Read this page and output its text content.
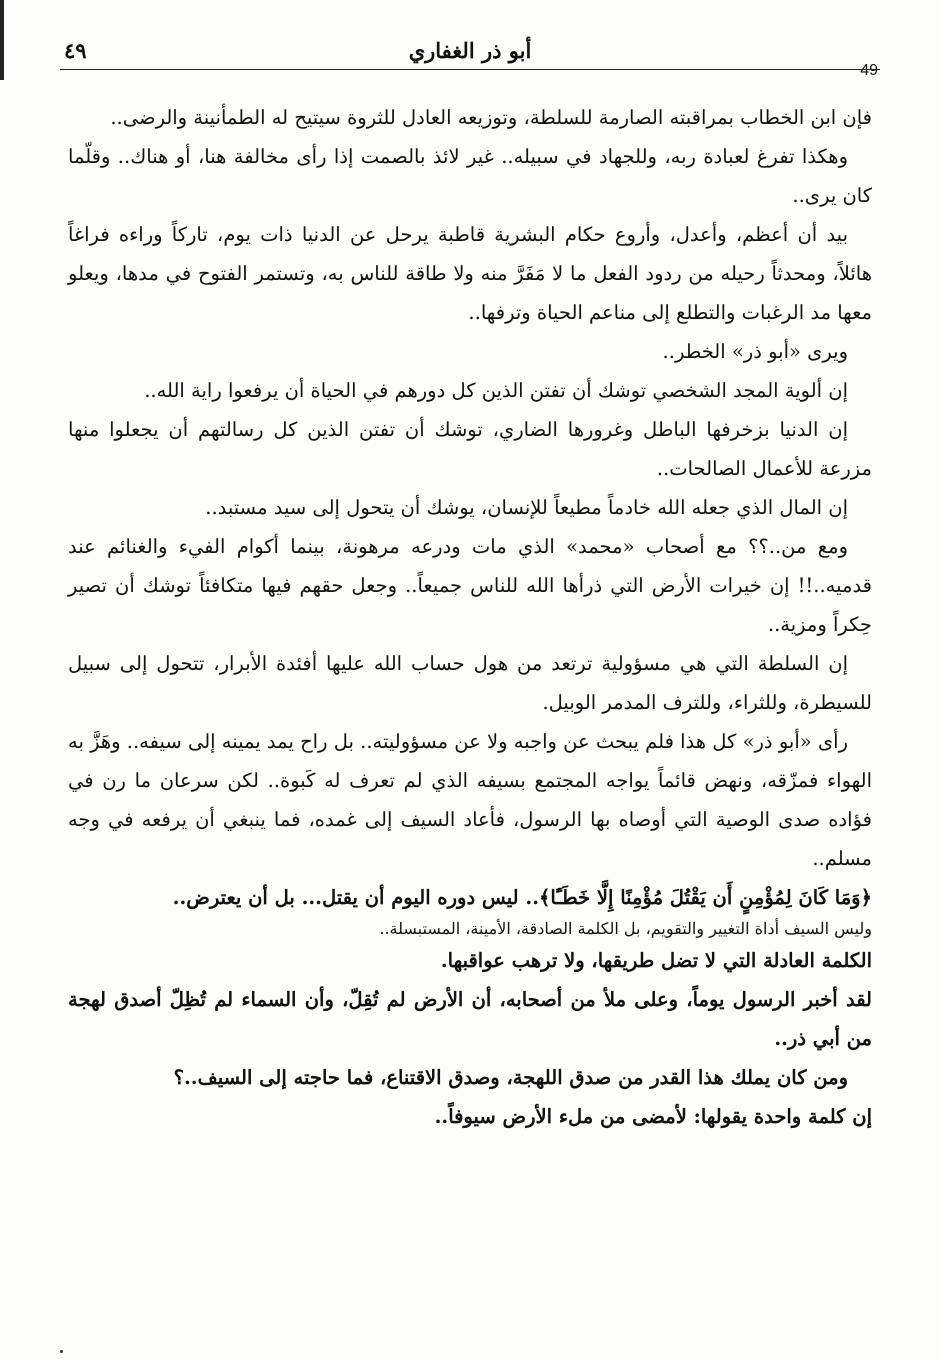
أبو ذر الغفاري
٤٩
49

فإن ابن الخطاب بمراقبته الصارمة للسلطة، وتوزيعه العادل للثروة سيتيح له الطمأنينة والرضى..

وهكذا تفرغ لعبادة ربه، وللجهاد في سبيله.. غير لائذ بالصمت إذا رأى مخالفة هنا، أو هناك.. وقلّما كان يرى..

بيد أن أعظم، وأعدل، وأروع حكام البشرية قاطبة يرحل عن الدنيا ذات يوم، تاركاً وراءه فراغاً هائلاً، ومحدثاً رحيله من ردود الفعل ما لا مَفَرَّ منه ولا طاقة للناس به، وتستمر الفتوح في مدها، ويعلو معها مد الرغبات والتطلع إلى مناعم الحياة وترفها..

ويرى «أبو ذر» الخطر..

إن ألوية المجد الشخصي توشك أن تفتن الذين كل دورهم في الحياة أن يرفعوا راية الله..

إن الدنيا بزخرفها الباطل وغرورها الضاري، توشك أن تفتن الذين كل رسالتهم أن يجعلوا منها مزرعة للأعمال الصالحات..

إن المال الذي جعله الله خادماً مطيعاً للإنسان، يوشك أن يتحول إلى سيد مستبد..

ومع من..؟؟ مع أصحاب «محمد» الذي مات ودرعه مرهونة، بينما أكوام الفيء والغنائم عند قدميه..!! إن خيرات الأرض التي ذرأها الله للناس جميعاً.. وجعل حقهم فيها متكافئاً توشك أن تصير حِكراً ومزية..

إن السلطة التي هي مسؤولية ترتعد من هول حساب الله عليها أفئدة الأبرار، تتحول إلى سبيل للسيطرة، وللثراء، وللترف المدمر الوبيل.

رأى «أبو ذر» كل هذا فلم يبحث عن واجبه ولا عن مسؤوليته.. بل راح يمد يمينه إلى سيفه.. وهَزَّ به الهواء فمزّقه، ونهض قائماً يواجه المجتمع بسيفه الذي لم تعرف له كَبوة.. لكن سرعان ما رن في فؤاده صدى الوصية التي أوصاه بها الرسول، فأعاد السيف إلى غمده، فما ينبغي أن يرفعه في وجه مسلم..

﴿وَمَا كَانَ لِمُؤْمِنٍ أَن يَقْتُلَ مُؤْمِنًا إِلَّا خَطَـًٔا﴾.. ليس دوره اليوم أن يقتل... بل أن يعترض..

وليس السيف أداة التغيير والتقويم، بل الكلمة الصادقة، الأمينة، المستبسلة..

الكلمة العادلة التي لا تضل طريقها، ولا ترهب عواقبها.

لقد أخبر الرسول يوماً، وعلى ملأ من أصحابه، أن الأرض لم تُقِلّ، وأن السماء لم تُظِلّ أصدق لهجة من أبي ذر..

ومن كان يملك هذا القدر من صدق اللهجة، وصدق الاقتناع، فما حاجته إلى السيف..؟

إن كلمة واحدة يقولها: لأمضى من ملء الأرض سيوفاً..
